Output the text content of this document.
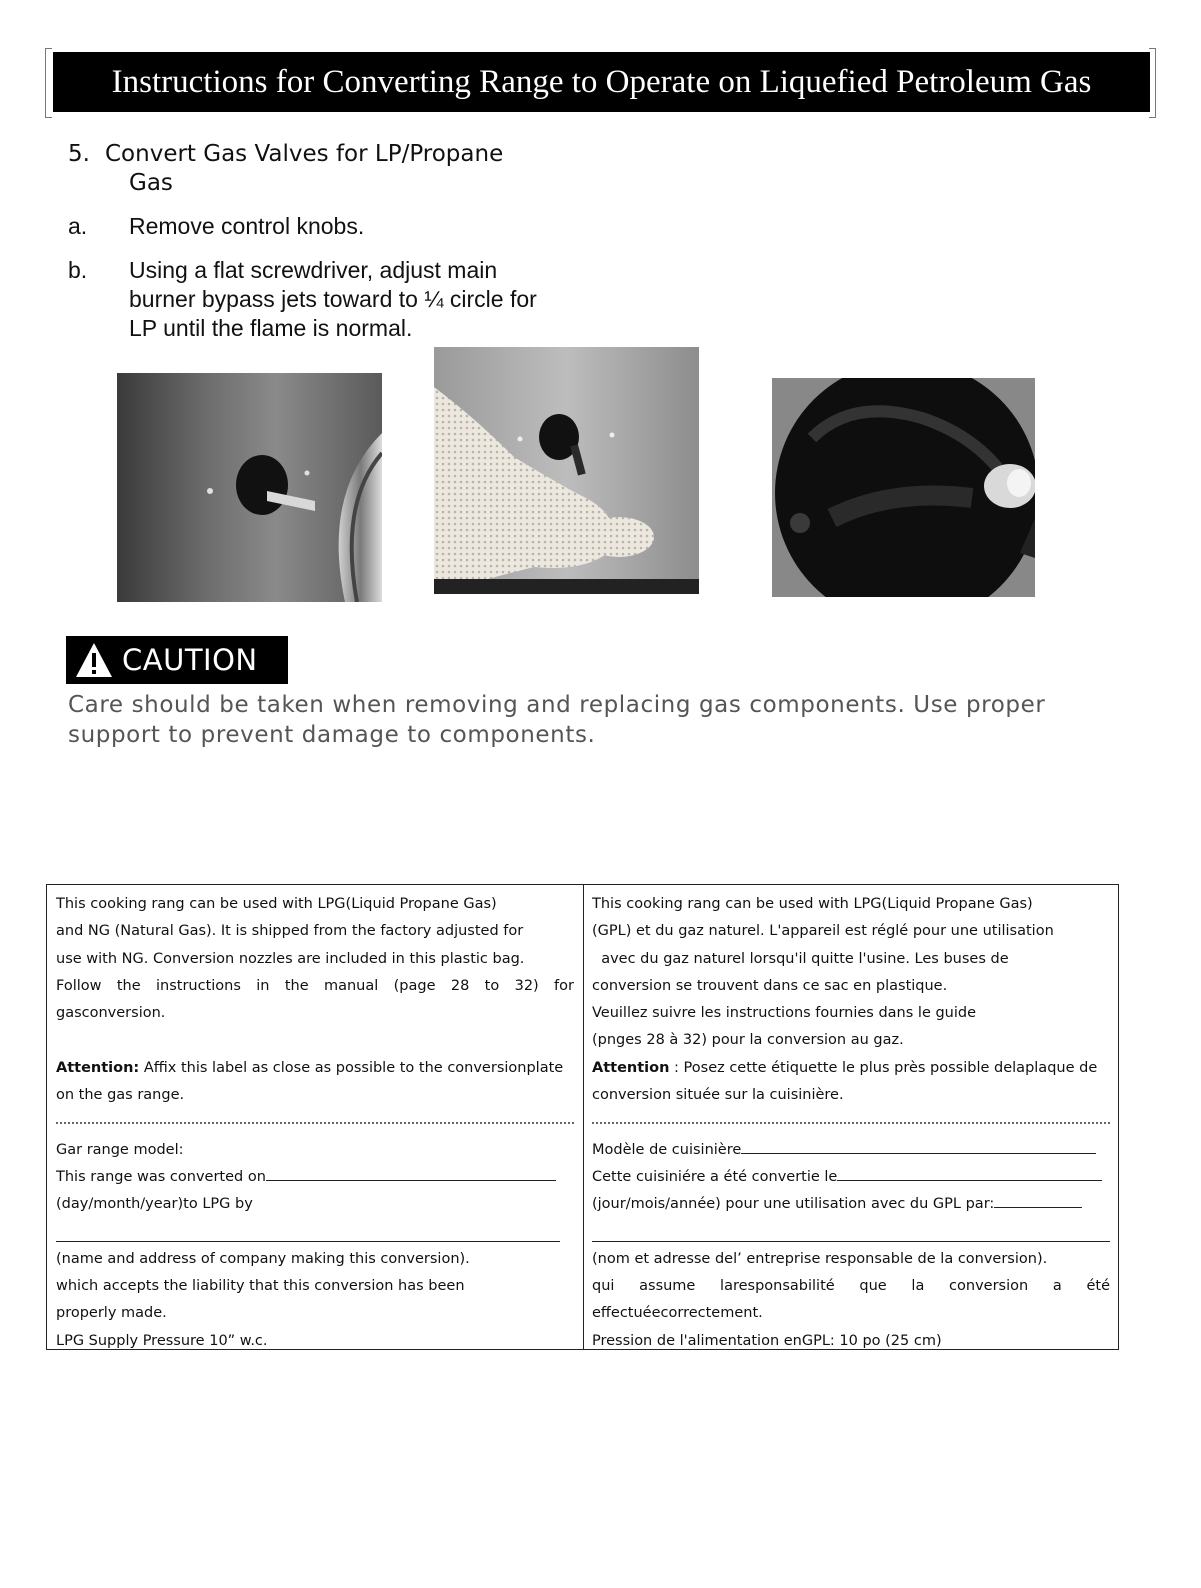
Instructions for Converting Range to Operate on Liquefied Petroleum Gas
5. Convert Gas Valves for LP/Propane
Gas
a. Remove control knobs.
b. Using a flat screwdriver, adjust main
burner bypass jets toward to ¼ circle for
LP until the flame is normal.
CAUTION
Care should be taken when removing and replacing gas components. Use proper support to prevent damage to components.
This cooking rang can be used with LPG(Liquid Propane Gas)
and NG (Natural Gas). It is shipped from the factory adjusted for
use with NG. Conversion nozzles are included in this plastic bag.
Follow the instructions in the manual (page 28 to 32) for
gasconversion.
Attention: Affix this label as close as possible to the conversionplate
on the gas range.
Gar range model:
This range was converted on
(day/month/year)to LPG by
(name and address of company making this conversion).
which accepts the liability that this conversion has been
properly made.
LPG Supply Pressure 10” w.c.
This cooking rang can be used with LPG(Liquid Propane Gas)
(GPL) et du gaz naturel. L'appareil est réglé pour une utilisation
avec du gaz naturel lorsqu'il quitte l'usine. Les buses de
conversion se trouvent dans ce sac en plastique.
Veuillez suivre les instructions fournies dans le guide
(pnges 28 à 32) pour la conversion au gaz.
Attention : Posez cette étiquette le plus près possible delaplaque de
conversion située sur la cuisinière.
Modèle de cuisinière
Cette cuisiniére a été convertie le
(jour/mois/année) pour une utilisation avec du GPL par:
(nom et adresse del’ entreprise responsable de la conversion).
qui assume laresponsabilité que la conversion a été
effectuéecorrectement.
Pression de l'alimentation enGPL: 10 po (25 cm)
